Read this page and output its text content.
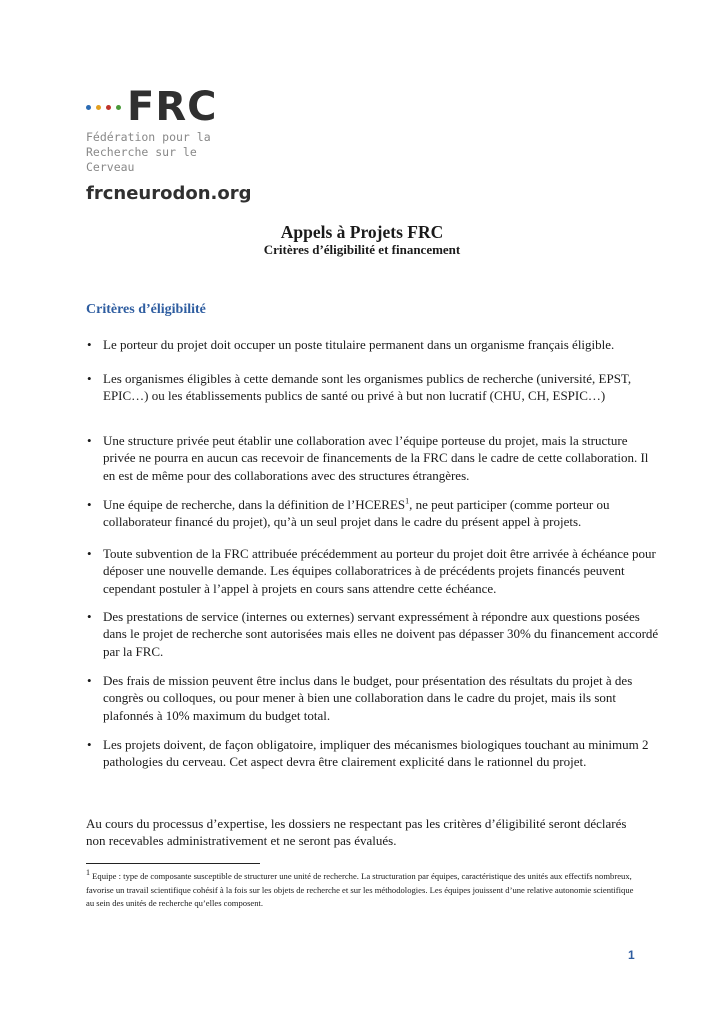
FRC
Fédération pour la
Recherche sur le Cerveau
frcneurodon.org
Appels à Projets FRC
Critères d’éligibilité et financement
Critères d’éligibilité
• Le porteur du projet doit occuper un poste titulaire permanent dans un organisme français éligible.
• Les organismes éligibles à cette demande sont les organismes publics de recherche (université, EPST, EPIC…) ou les établissements publics de santé ou privé à but non lucratif (CHU, CH, ESPIC…)
• Une structure privée peut établir une collaboration avec l’équipe porteuse du projet, mais la structure privée ne pourra en aucun cas recevoir de financements de la FRC dans le cadre de cette collaboration. Il en est de même pour des collaborations avec des structures étrangères.
• Une équipe de recherche, dans la définition de l’HCERES$^1$, ne peut participer (comme porteur ou collaborateur financé du projet), qu’à un seul projet dans le cadre du présent appel à projets.
• Toute subvention de la FRC attribuée précédemment au porteur du projet doit être arrivée à échéance pour déposer une nouvelle demande. Les équipes collaboratrices à de précédents projets financés peuvent cependant postuler à l’appel à projets en cours sans attendre cette échéance.
• Des prestations de service (internes ou externes) servant expressément à répondre aux questions posées dans le projet de recherche sont autorisées mais elles ne doivent pas dépasser 30% du financement accordé par la FRC.
• Des frais de mission peuvent être inclus dans le budget, pour présentation des résultats du projet à des congrès ou colloques, ou pour mener à bien une collaboration dans le cadre du projet, mais ils sont plafonnés à 10% maximum du budget total.
• Les projets doivent, de façon obligatoire, impliquer des mécanismes biologiques touchant au minimum 2 pathologies du cerveau. Cet aspect devra être clairement explicité dans le rationnel du projet.
Au cours du processus d’expertise, les dossiers ne respectant pas les critères d’éligibilité seront déclarés non recevables administrativement et ne seront pas évalués.
$^1$ Equipe : type de composante susceptible de structurer une unité de recherche. La structuration par équipes, caractéristique des unités aux effectifs nombreux, favorise un travail scientifique cohésif à la fois sur les objets de recherche et sur les méthodologies. Les équipes jouissent d’une relative autonomie scientifique au sein des unités de recherche qu’elles composent.
1
